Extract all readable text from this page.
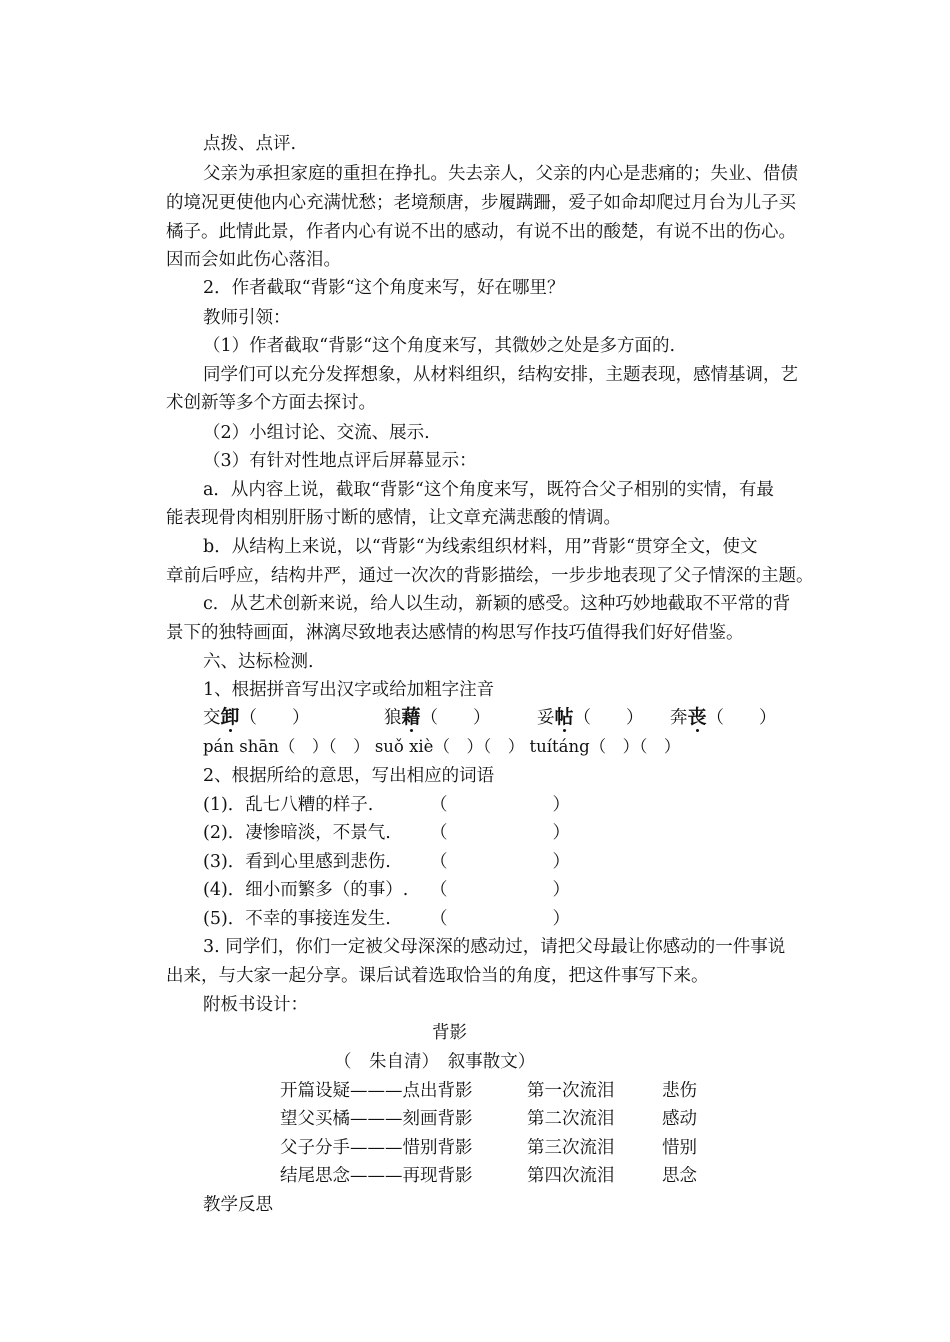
点拨、点评.
父亲为承担家庭的重担在挣扎。失去亲人，父亲的内心是悲痛的；失业、借债
的境况更使他内心充满忧愁；老境颓唐，步履蹒跚，爱子如命却爬过月台为儿子买
橘子。此情此景，作者内心有说不出的感动，有说不出的酸楚，有说不出的伤心。
因而会如此伤心落泪。
2．作者截取“背影“这个角度来写，好在哪里？
教师引领：
（1）作者截取“背影“这个角度来写，其微妙之处是多方面的.
同学们可以充分发挥想象，从材料组织，结构安排，主题表现，感情基调，艺
术创新等多个方面去探讨。
（2）小组讨论、交流、展示.
（3）有针对性地点评后屏幕显示：
a．从内容上说，截取“背影“这个角度来写，既符合父子相别的实情，有最
能表现骨肉相别肝肠寸断的感情，让文章充满悲酸的情调。
b．从结构上来说，以“背影“为线索组织材料，用”背影“贯穿全文，使文
章前后呼应，结构井严，通过一次次的背影描绘，一步步地表现了父子情深的主题。
c．从艺术创新来说，给人以生动，新颖的感受。这种巧妙地截取不平常的背
景下的独特画面，淋漓尽致地表达感情的构思写作技巧值得我们好好借鉴。
六、达标检测.
1、根据拼音写出汉字或给加粗字注音
交卸（　　）	狼藉（　　）	妥帖（　　） 奔丧（　　）
pán shān（　）（　） suǒ xiè（　）（　） tuítáng（　）（　）
2、根据所给的意思，写出相应的词语
(1)．乱七八糟的样子.	（　　　　　　）
(2)．凄惨暗淡，不景气. （　　　　　　）
(3)．看到心里感到悲伤. （　　　　　　）
(4)．细小而繁多（的事）. （　　　　　　）
(5)．不幸的事接连发生. （　　　　　　）
3. 同学们，你们一定被父母深深的感动过，请把父母最让你感动的一件事说
出来，与大家一起分享。课后试着选取恰当的角度，把这件事写下来。
附板书设计：
背影
（　朱自清）　叙事散文）
开篇设疑———点出背影	第一次流泪	悲伤
望父买橘———刻画背影	第二次流泪	感动
父子分手———惜别背影	第三次流泪	惜别
结尾思念———再现背影	第四次流泪	思念
教学反思
